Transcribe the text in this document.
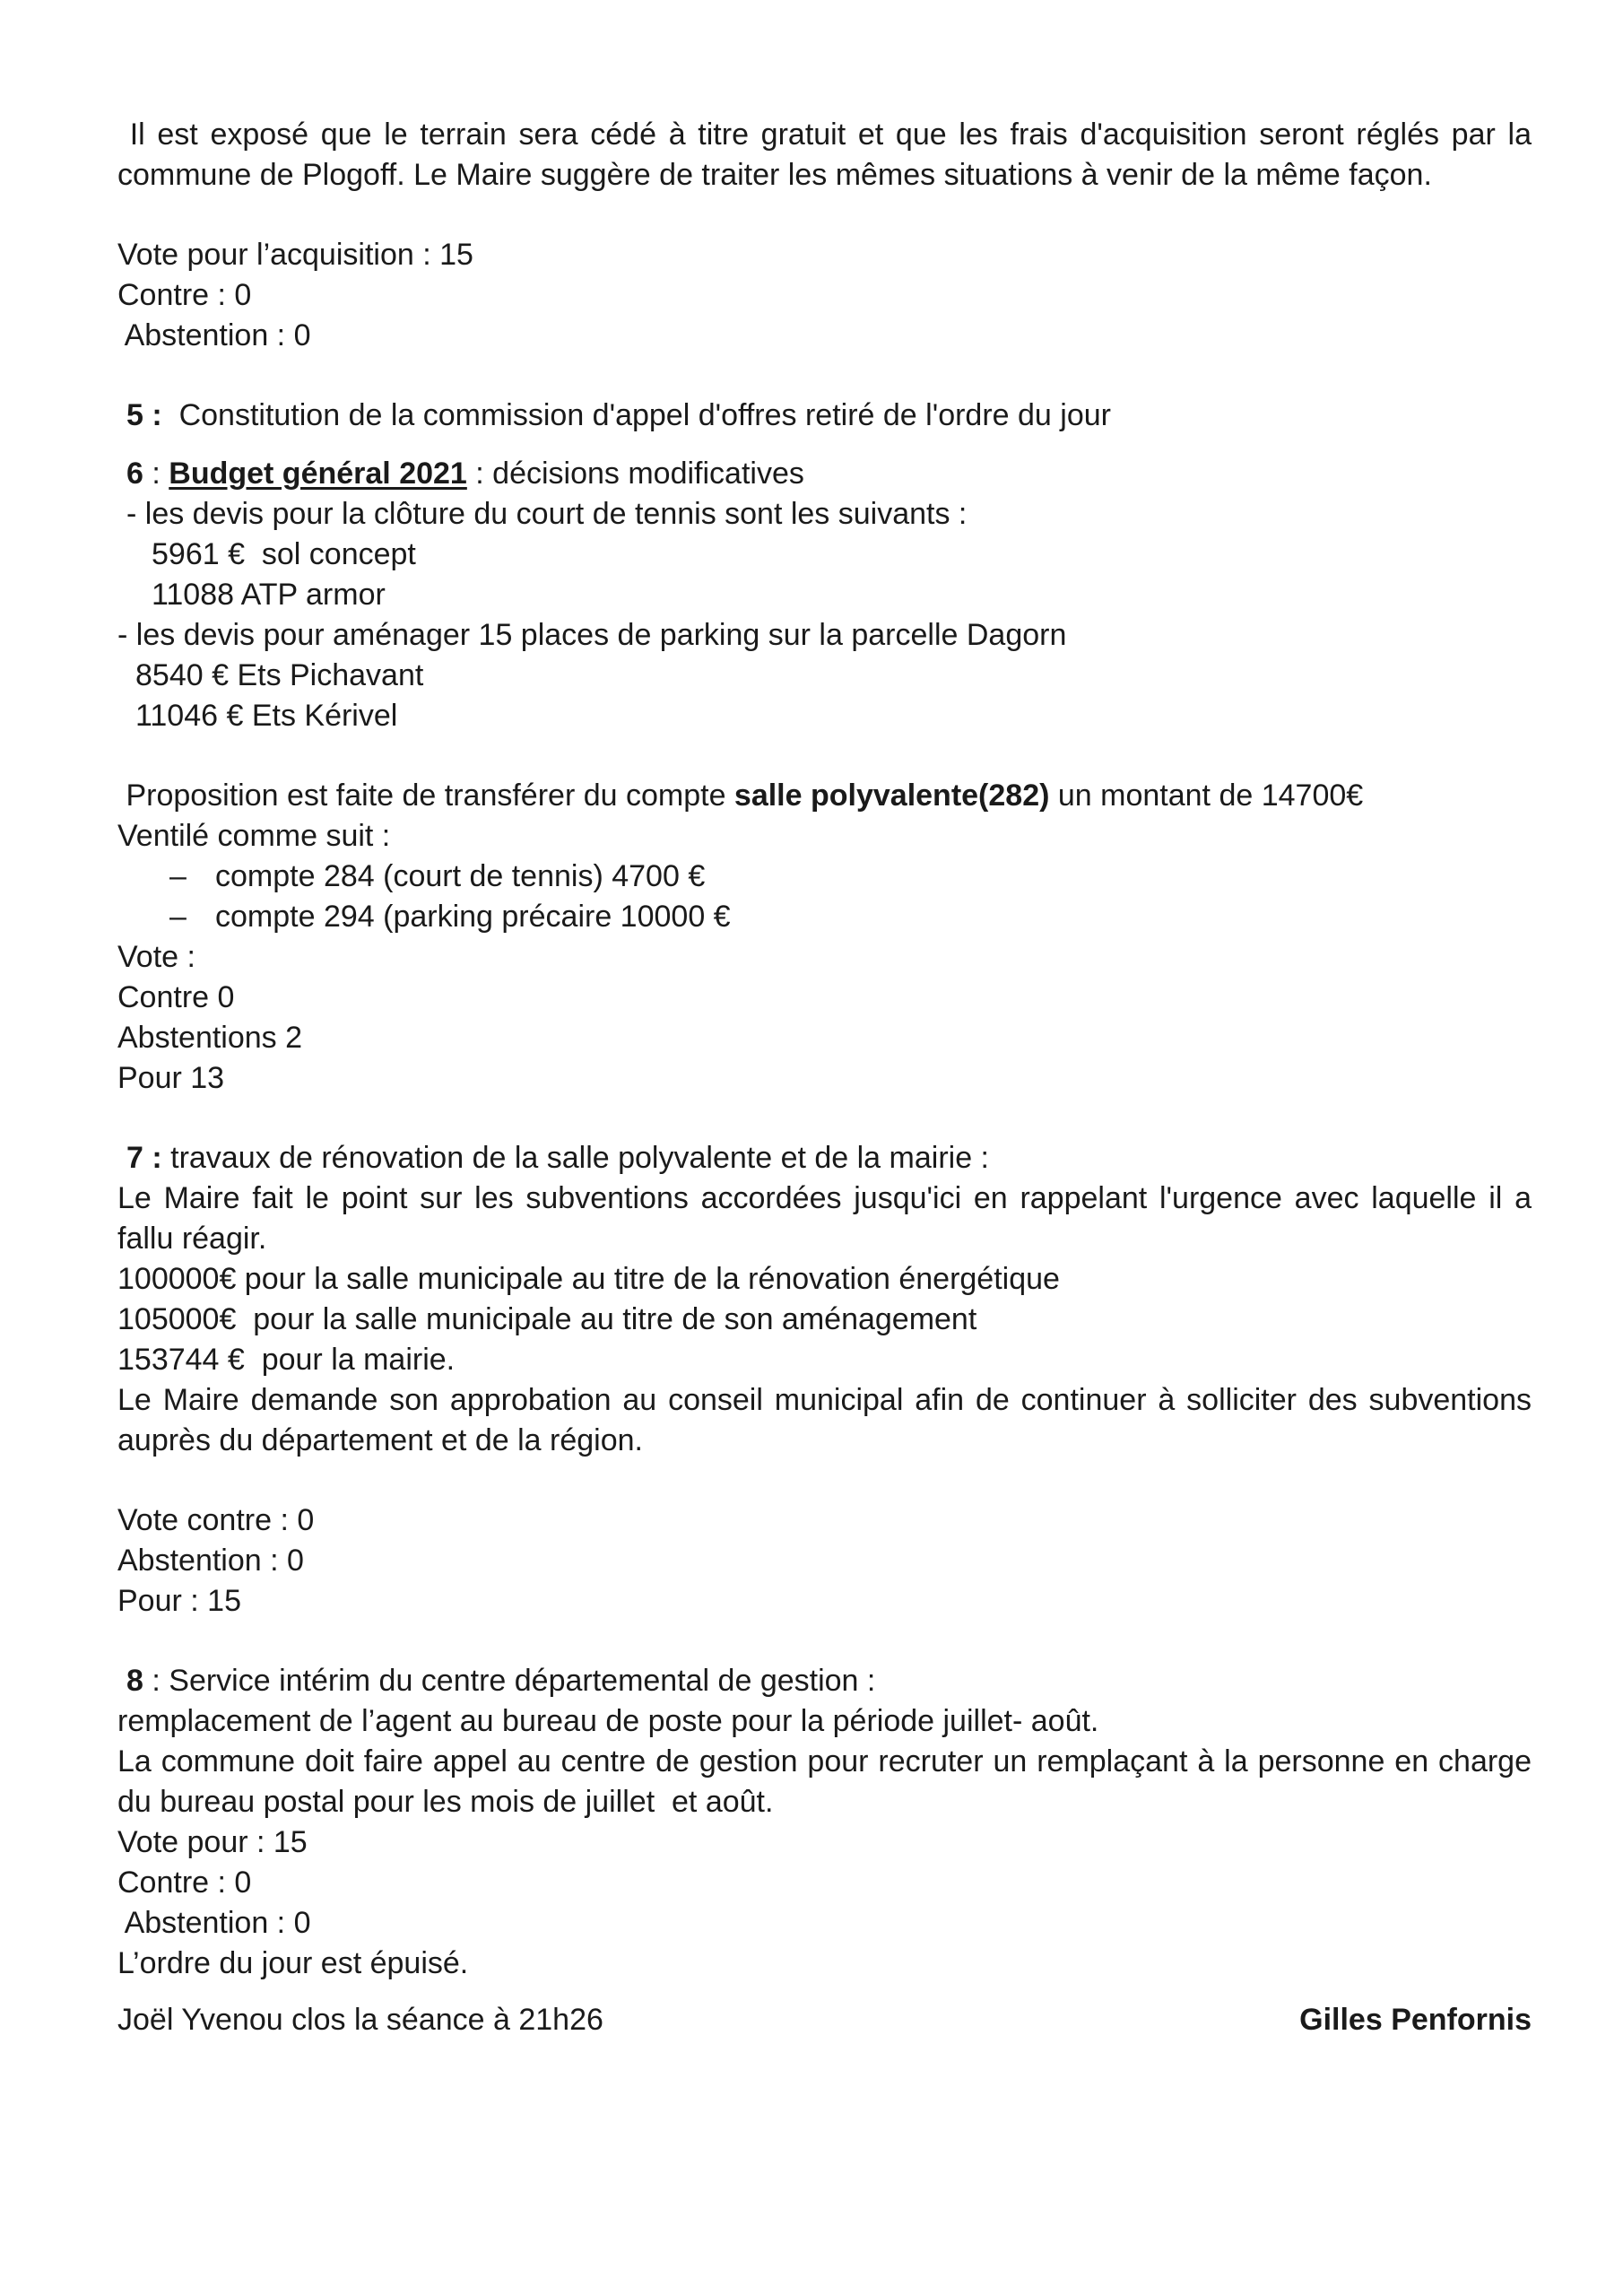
Il est exposé que le terrain sera cédé à titre gratuit et que les frais d'acquisition seront réglés par la commune de Plogoff. Le Maire suggère de traiter les mêmes situations à venir de la même façon.

Vote pour l’acquisition : 15

Contre : 0

Abstention : 0

5 :  Constitution de la commission d'appel d'offres retiré de l'ordre du jour

6 : Budget général 2021 : décisions modificatives

- les devis pour la clôture du court de tennis sont les suivants :

5961 €  sol concept

11088 ATP armor

- les devis pour aménager 15 places de parking sur la parcelle Dagorn

8540 € Ets Pichavant

11046 € Ets Kérivel

Proposition est faite de transférer du compte salle polyvalente(282) un montant de 14700€

Ventilé comme suit :

– compte 284 (court de tennis) 4700 €
– compte 294 (parking précaire 10000 €

Vote :

Contre 0

Abstentions 2

Pour 13

7 : travaux de rénovation de la salle polyvalente et de la mairie :

Le Maire fait le point sur les subventions accordées jusqu'ici en rappelant l'urgence avec laquelle il a fallu réagir.

100000€ pour la salle municipale au titre de la rénovation énergétique

105000€  pour la salle municipale au titre de son aménagement

153744 €  pour la mairie.

Le Maire demande son approbation au conseil municipal afin de continuer à solliciter des subventions auprès du département et de la région.

Vote contre : 0

Abstention : 0

Pour : 15

8 : Service intérim du centre départemental de gestion :

remplacement de l’agent au bureau de poste pour la période juillet- août.

La commune doit faire appel au centre de gestion pour recruter un remplaçant à la personne en charge du bureau postal pour les mois de juillet  et août.

Vote pour : 15

Contre : 0

Abstention : 0

L’ordre du jour est épuisé.

Joël Yvenou clos la séance à 21h26	Gilles Penfornis
